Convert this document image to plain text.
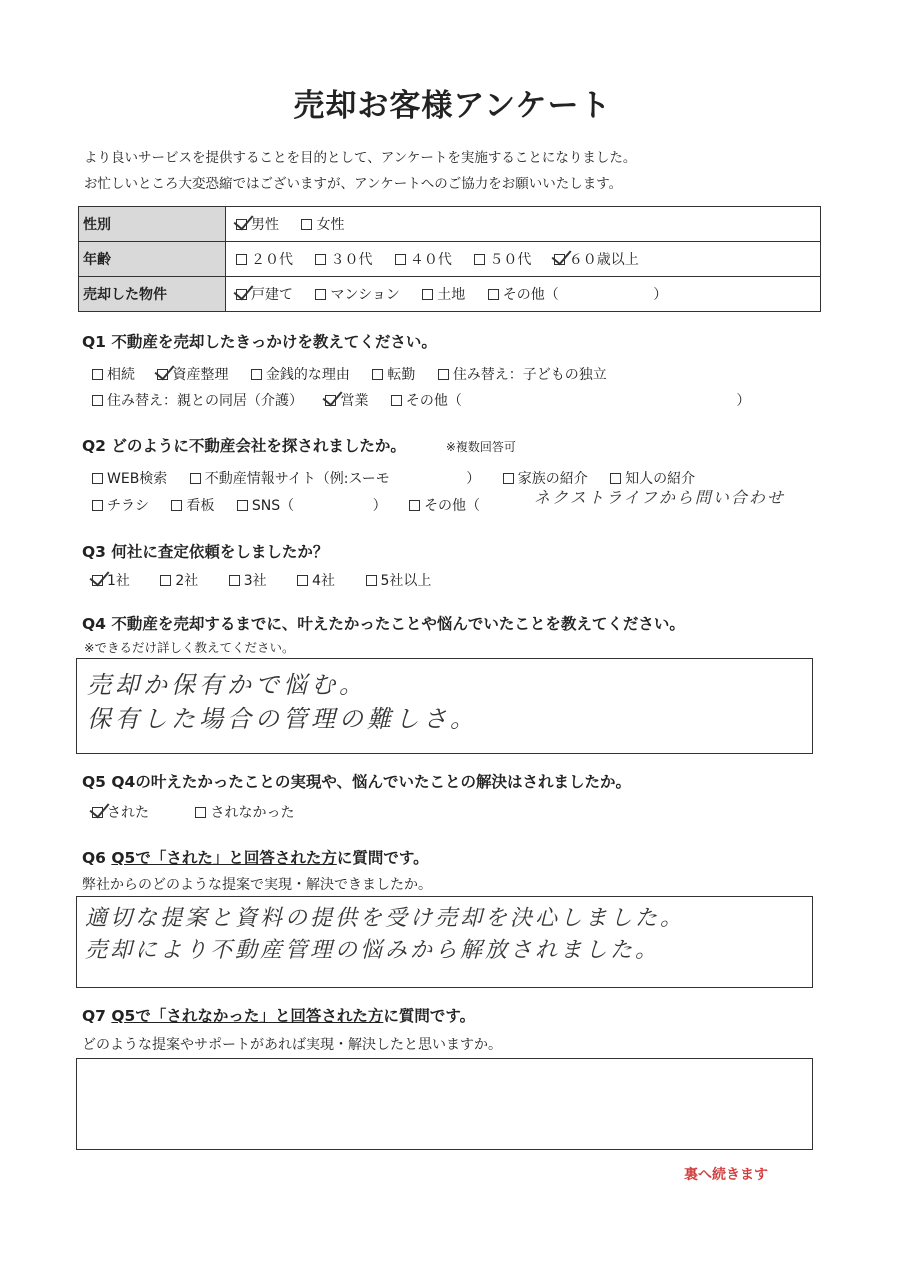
売却お客様アンケート
より良いサービスを提供することを目的として、アンケートを実施することになりました。
お忙しいところ大変恐縮ではございますが、アンケートへのご協力をお願いいたします。
性別	男性 女性
年齢	２０代 ３０代 ４０代 ５０代 ６０歳以上
売却した物件	戸建て マンション 土地 その他（ ）
Q1 不動産を売却したきっかけを教えてください。
相続	資産整理	金銭的な理由	転勤	住み替え：子どもの独立
住み替え：親との同居（介護）	営業	その他（	）
Q2 どのように不動産会社を探されましたか。	※複数回答可
WEB検索	不動産情報サイト（例:スーモ	）	家族の紹介	知人の紹介
チラシ	看板	SNS（	）	その他（	ネクストライフから問い合わせ
Q3 何社に査定依頼をしましたか？
1社	2社	3社	4社	5社以上
Q4 不動産を売却するまでに、叶えたかったことや悩んでいたことを教えてください。
※できるだけ詳しく教えてください。
売却か保有かで悩む。
保有した場合の管理の難しさ。
Q5 Q4の叶えたかったことの実現や、悩んでいたことの解決はされましたか。
された	されなかった
Q6 Q5で「された」と回答された方に質問です。
弊社からのどのような提案で実現・解決できましたか。
適切な提案と資料の提供を受け売却を決心しました。
売却により不動産管理の悩みから解放されました。
Q7 Q5で「されなかった」と回答された方に質問です。
どのような提案やサポートがあれば実現・解決したと思いますか。
裏へ続きます
